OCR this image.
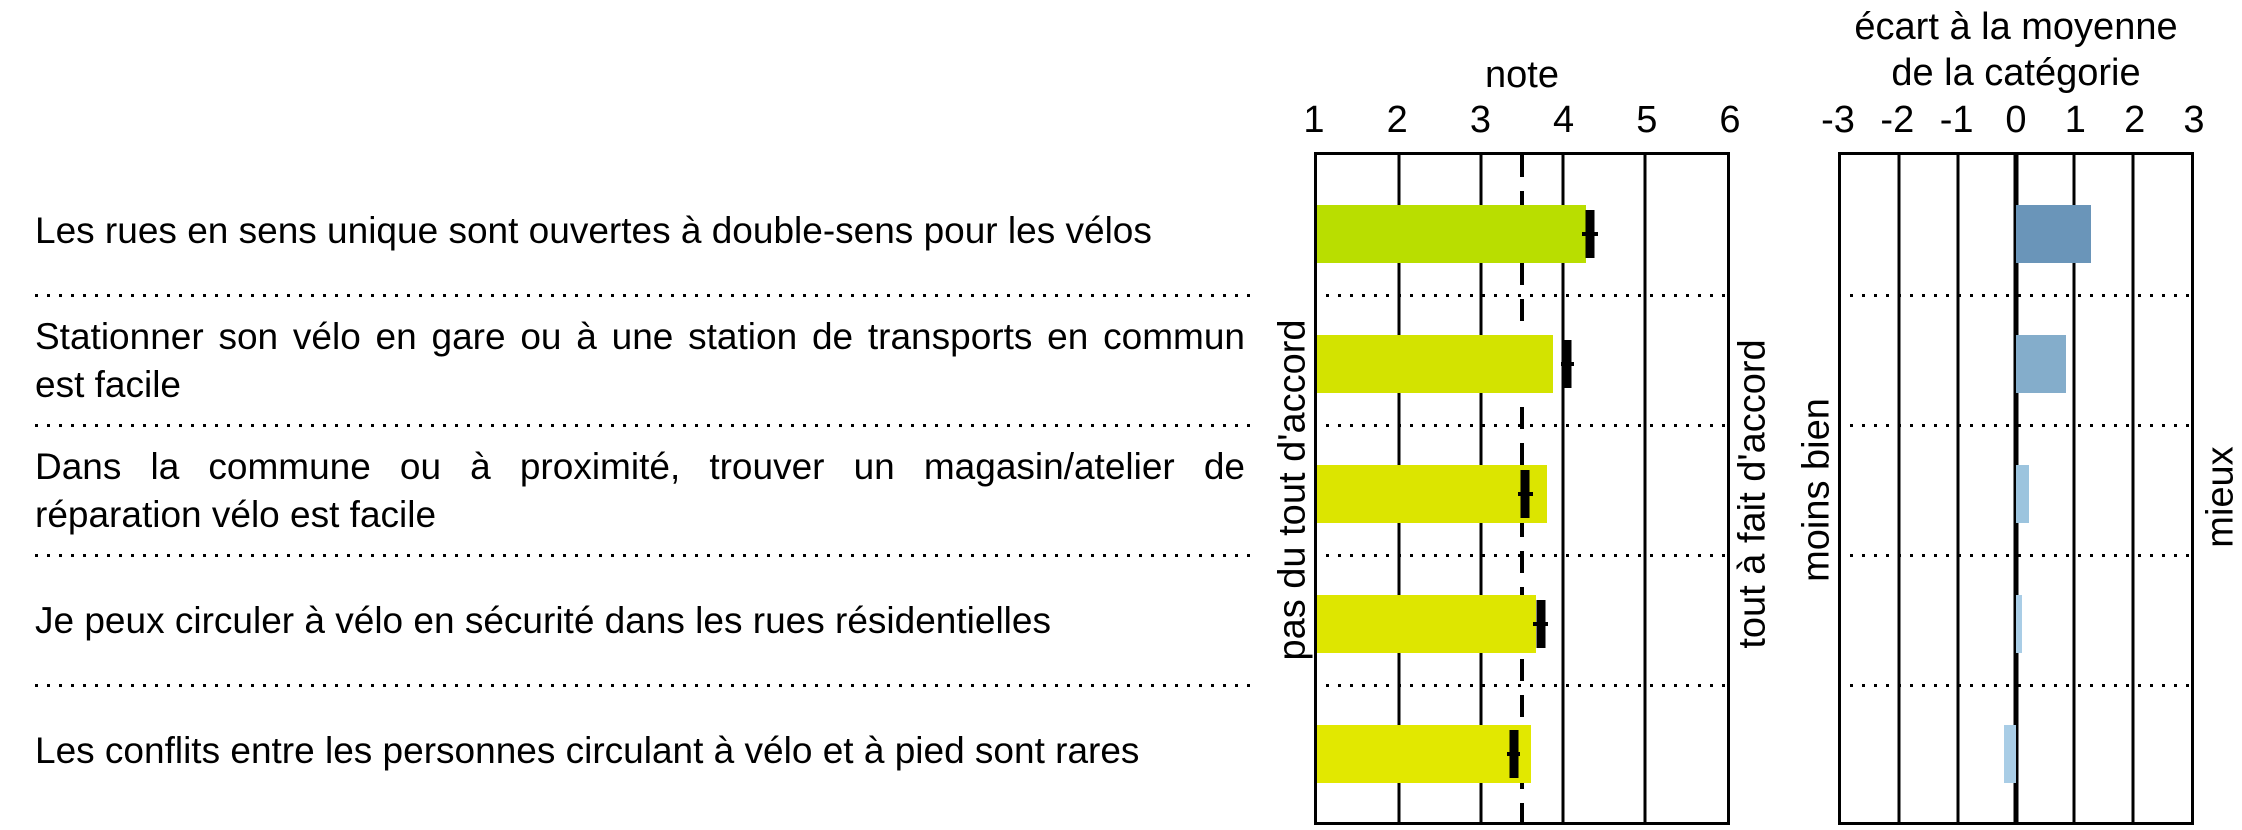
note
écart à la moyenne
de la catégorie
1 2 3 4 5 6 -3 -2 -1 0 1 2 3
pas du tout d'accord	tout à fait d'accord moins bien	mieux
Les rues en sens unique sont ouvertes à double-sens pour les vélos
Stationner son vélo en gare ou à une station de transports en commun est facile
Dans la commune ou à proximité, trouver un magasin/atelier de réparation vélo est facile
Je peux circuler à vélo en sécurité dans les rues résidentielles
Les conflits entre les personnes circulant à vélo et à pied sont rares
